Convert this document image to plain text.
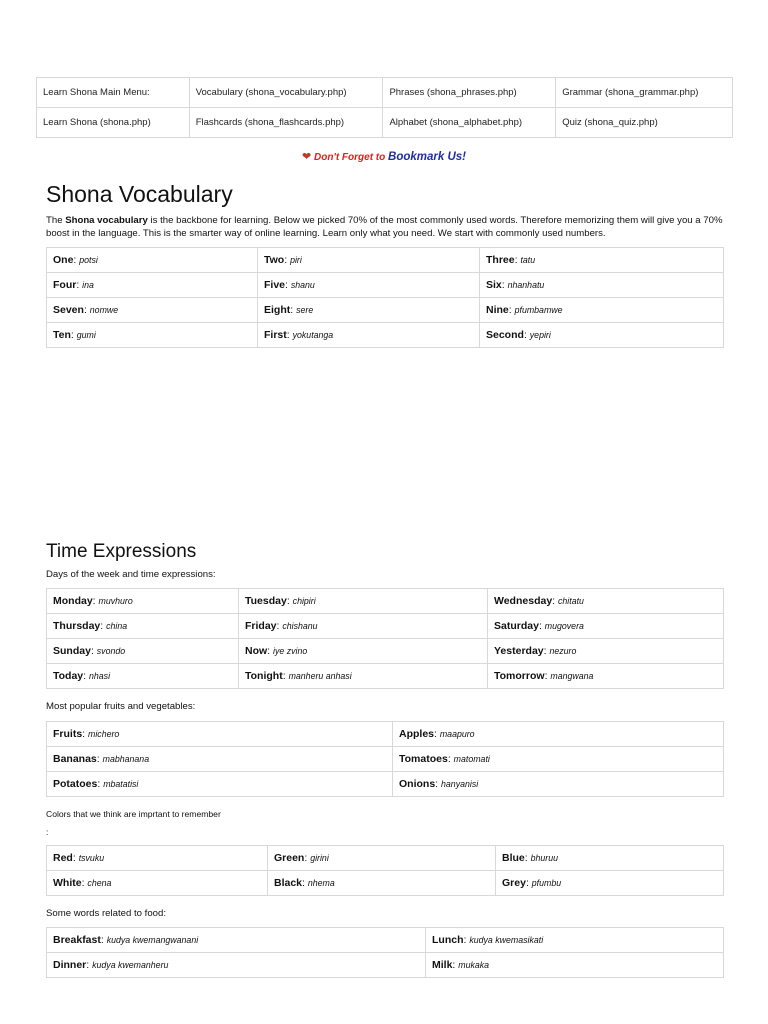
Learn Shona Main Menu:	Vocabulary (shona_vocabulary.php)	Phrases (shona_phrases.php)	Grammar (shona_grammar.php)
Learn Shona (shona.php)	Flashcards (shona_flashcards.php)	Alphabet (shona_alphabet.php)	Quiz (shona_quiz.php)
❤ Don't Forget to Bookmark Us!
Shona Vocabulary
The Shona vocabulary is the backbone for learning. Below we picked 70% of the most commonly used words. Therefore memorizing them will give you a 70% boost in the language. This is the smarter way of online learning. Learn only what you need. We start with commonly used numbers.
One: potsi	Two: piri	Three: tatu
Four: ina	Five: shanu	Six: nhanhatu
Seven: nomwe	Eight: sere	Nine: pfumbamwe
Ten: gumi	First: yokutanga	Second: yepiri
Time Expressions
Days of the week and time expressions:
Monday: muvhuro	Tuesday: chipiri	Wednesday: chitatu
Thursday: china	Friday: chishanu	Saturday: mugovera
Sunday: svondo	Now: iye zvino	Yesterday: nezuro
Today: nhasi	Tonight: manheru anhasi	Tomorrow: mangwana
Most popular fruits and vegetables:
Fruits: michero	Apples: maapuro
Bananas: mabhanana	Tomatoes: matomati
Potatoes: mbatatisi	Onions: hanyanisi
Colors that we think are imprtant to remember
:
Red: tsvuku	Green: girini	Blue: bhuruu
White: chena	Black: nhema	Grey: pfumbu
Some words related to food:
Breakfast: kudya kwemangwanani	Lunch: kudya kwemasikati
Dinner: kudya kwemanheru	Milk: mukaka
